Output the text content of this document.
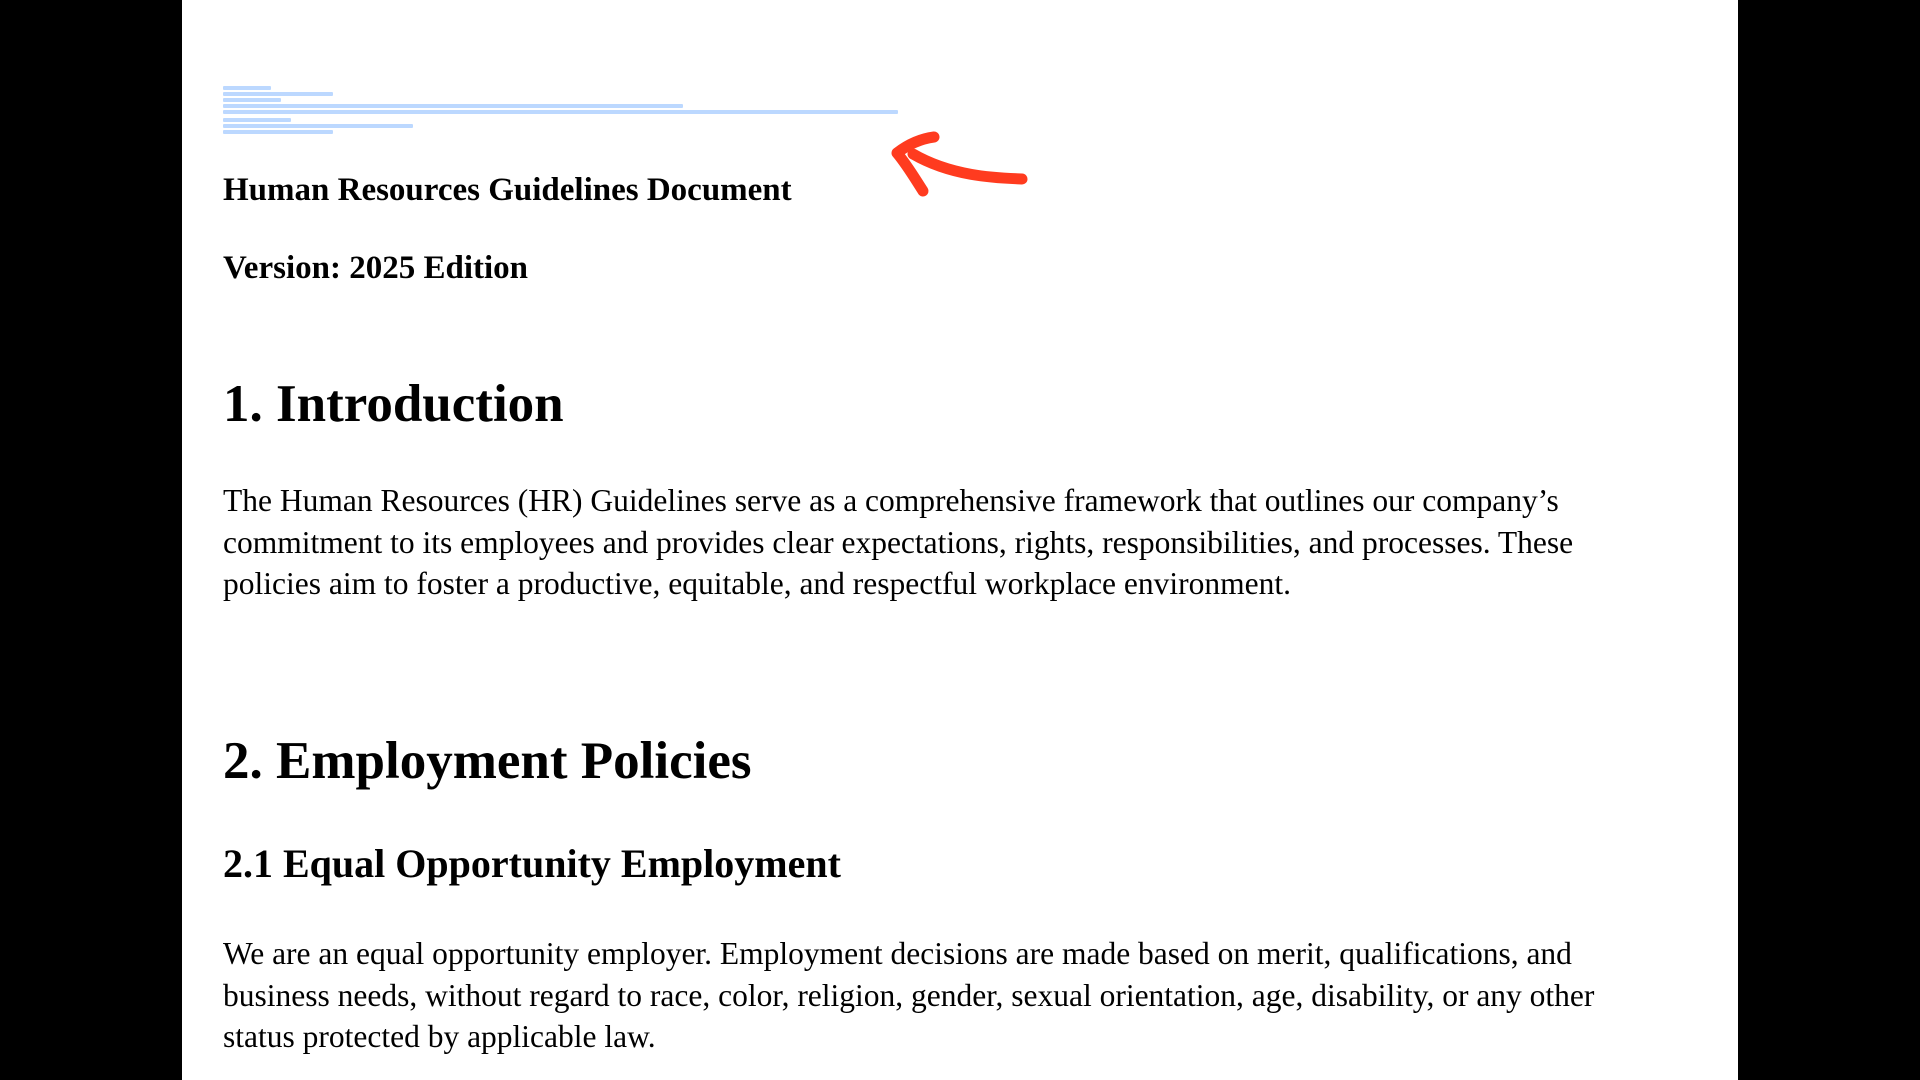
Human Resources Guidelines Document
Version: 2025 Edition
1. Introduction
The Human Resources (HR) Guidelines serve as a comprehensive framework that outlines our company’s commitment to its employees and provides clear expectations, rights, responsibilities, and processes. These policies aim to foster a productive, equitable, and respectful workplace environment.
2. Employment Policies
2.1 Equal Opportunity Employment
We are an equal opportunity employer. Employment decisions are made based on merit, qualifications, and business needs, without regard to race, color, religion, gender, sexual orientation, age, disability, or any other status protected by applicable law.
